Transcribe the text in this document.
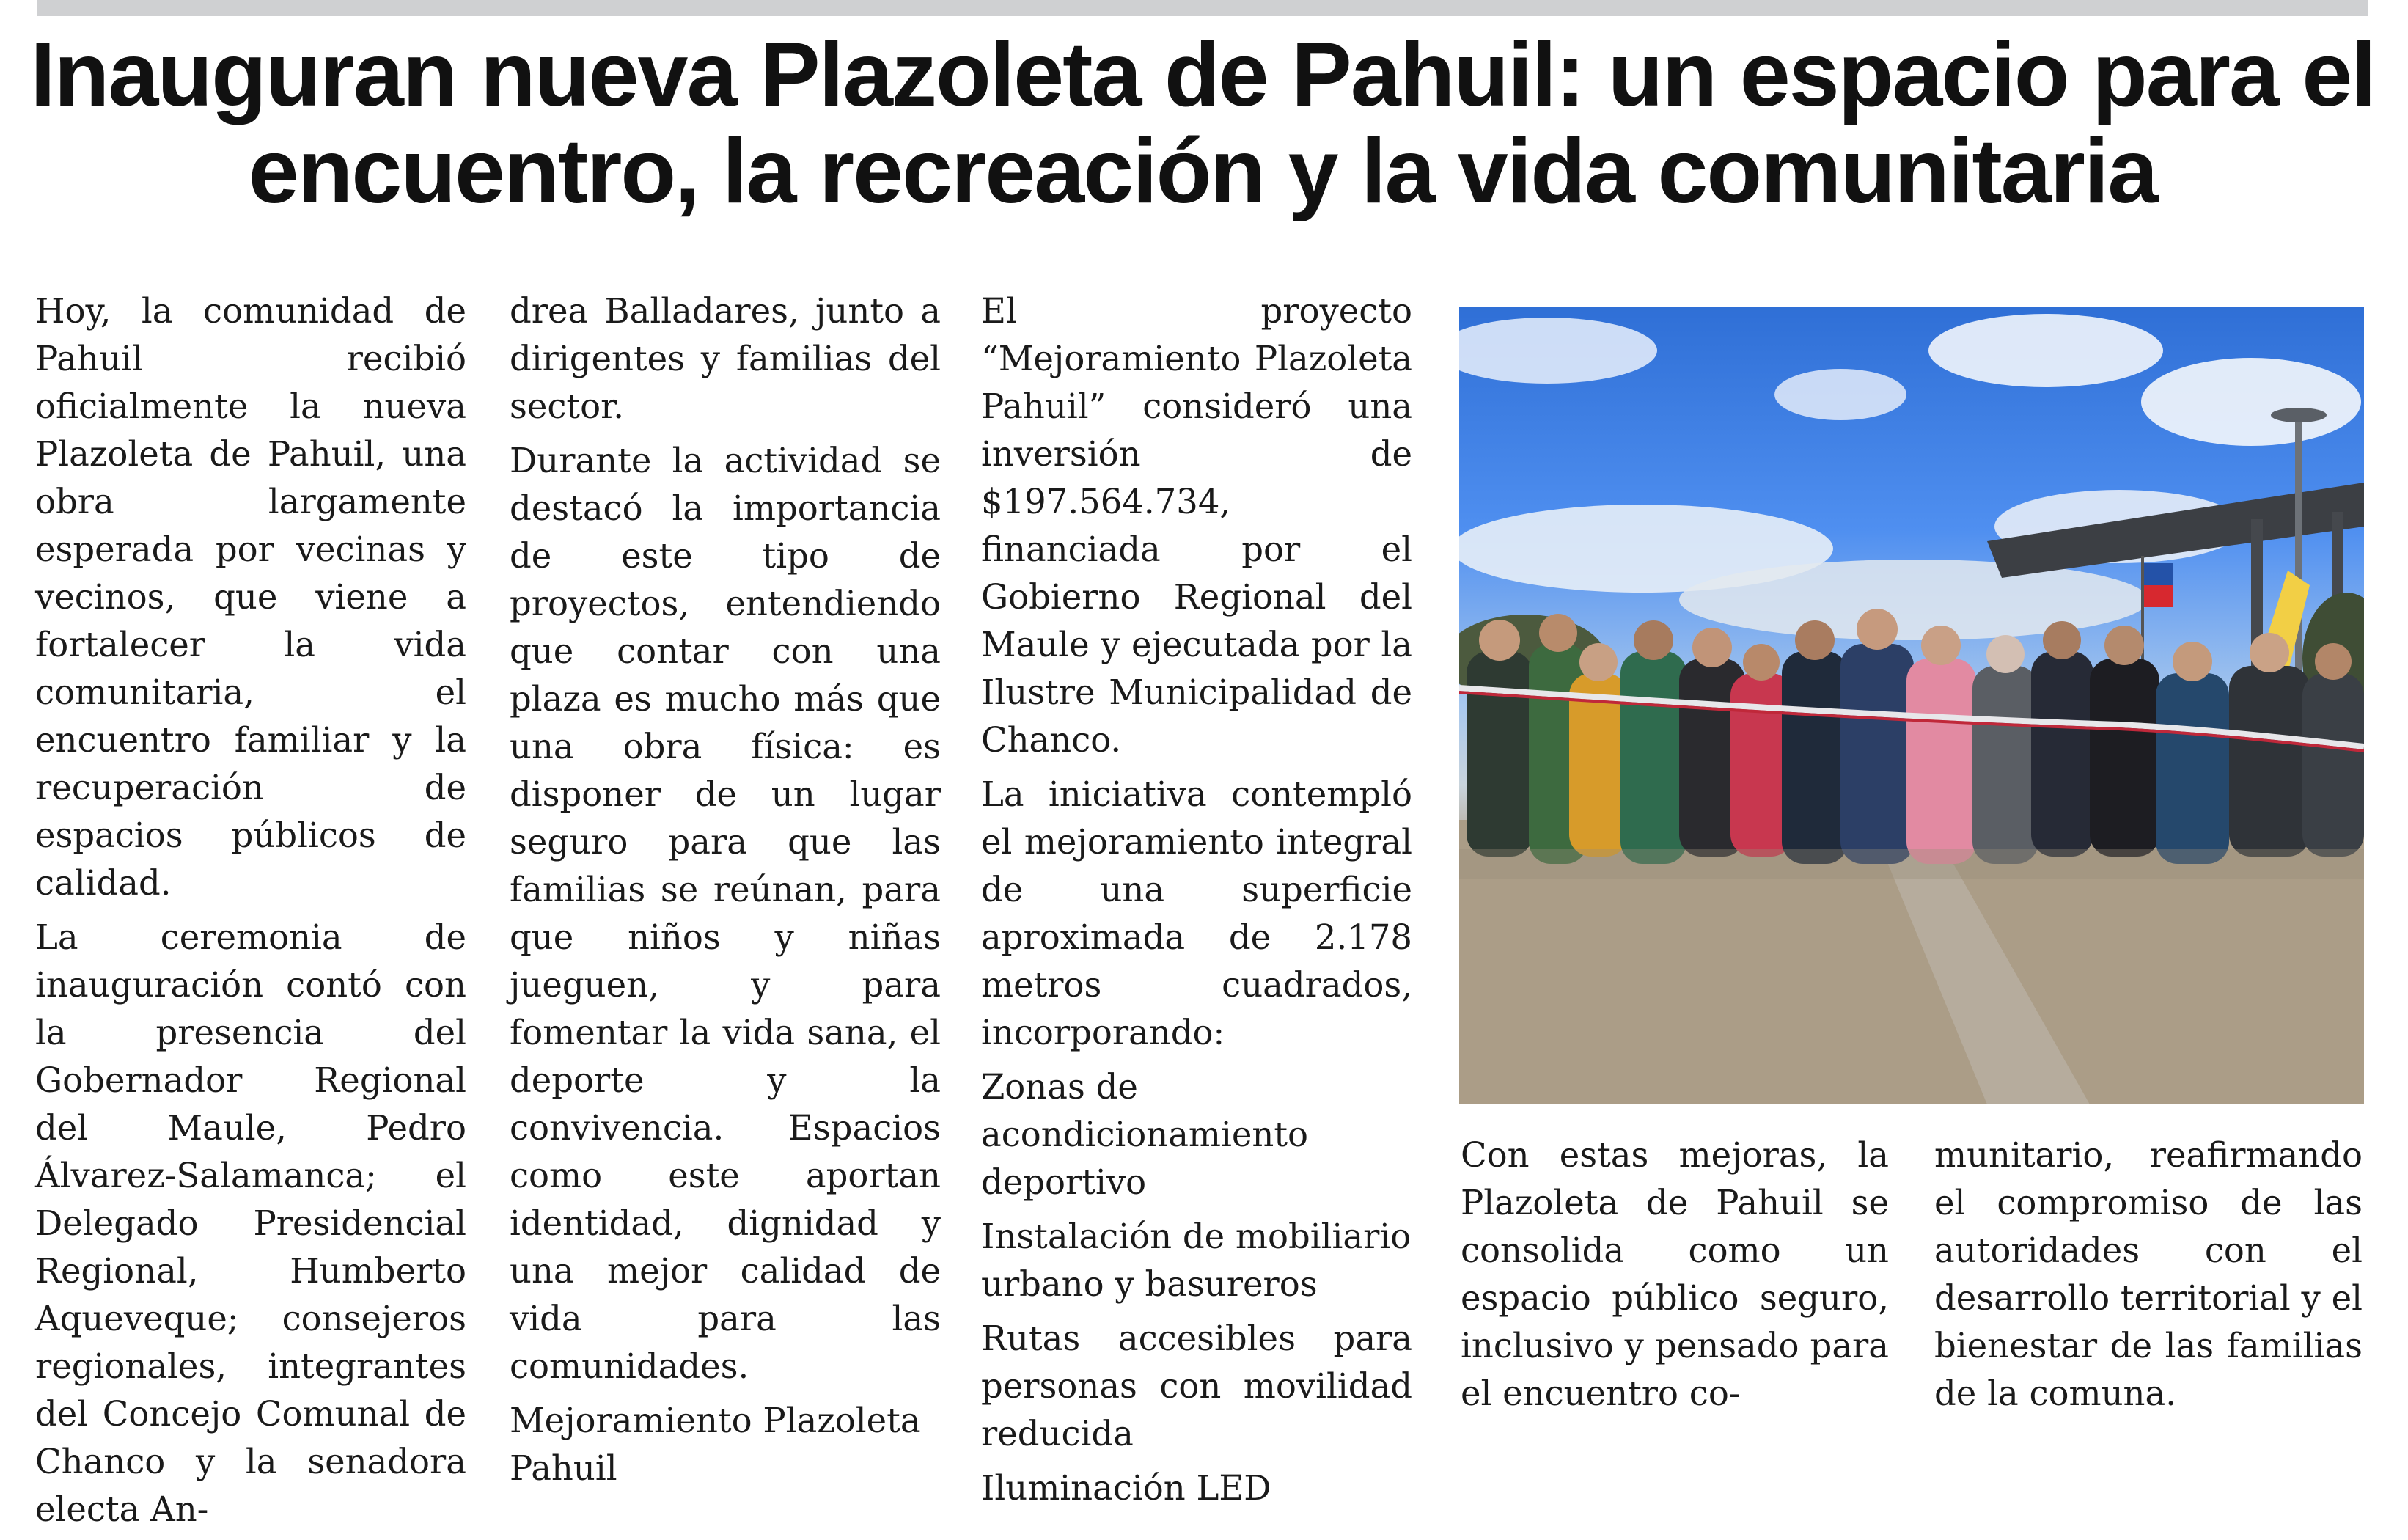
Inauguran nueva Plazoleta de Pahuil: un espacio para el encuentro, la recreación y la vida comunitaria

Hoy, la comunidad de Pahuil recibió oficialmente la nueva Plazoleta de Pahuil, una obra largamente esperada por vecinas y vecinos, que viene a fortalecer la vida comunitaria, el encuentro familiar y la recuperación de espacios públicos de calidad.

La ceremonia de inauguración contó con la presencia del Gobernador Regional del Maule, Pedro Álvarez-Salamanca; el Delegado Presidencial Regional, Humberto Aqueveque; consejeros regionales, integrantes del Concejo Comunal de Chanco y la senadora electa An-

drea Balladares, junto a dirigentes y familias del sector.

Durante la actividad se destacó la importancia de este tipo de proyectos, entendiendo que contar con una plaza es mucho más que una obra física: es disponer de un lugar seguro para que las familias se reúnan, para que niños y niñas jueguen, y para fomentar la vida sana, el deporte y la convivencia. Espacios como este aportan identidad, dignidad y una mejor calidad de vida para las comunidades.

Mejoramiento Plazoleta Pahuil

El proyecto “Mejoramiento Plazoleta Pahuil” consideró una inversión de $197.564.734, financiada por el Gobierno Regional del Maule y ejecutada por la Ilustre Municipalidad de Chanco.

La iniciativa contempló el mejoramiento integral de una superficie aproximada de 2.178 metros cuadrados, incorporando:

Zonas de acondicionamiento deportivo

Instalación de mobiliario urbano y basureros

Rutas accesibles para personas con movilidad reducida

Iluminación LED

Con estas mejoras, la Plazoleta de Pahuil se consolida como un espacio público seguro, inclusivo y pensado para el encuentro co-

munitario, reafirmando el compromiso de las autoridades con el desarrollo territorial y el bienestar de las familias de la comuna.
